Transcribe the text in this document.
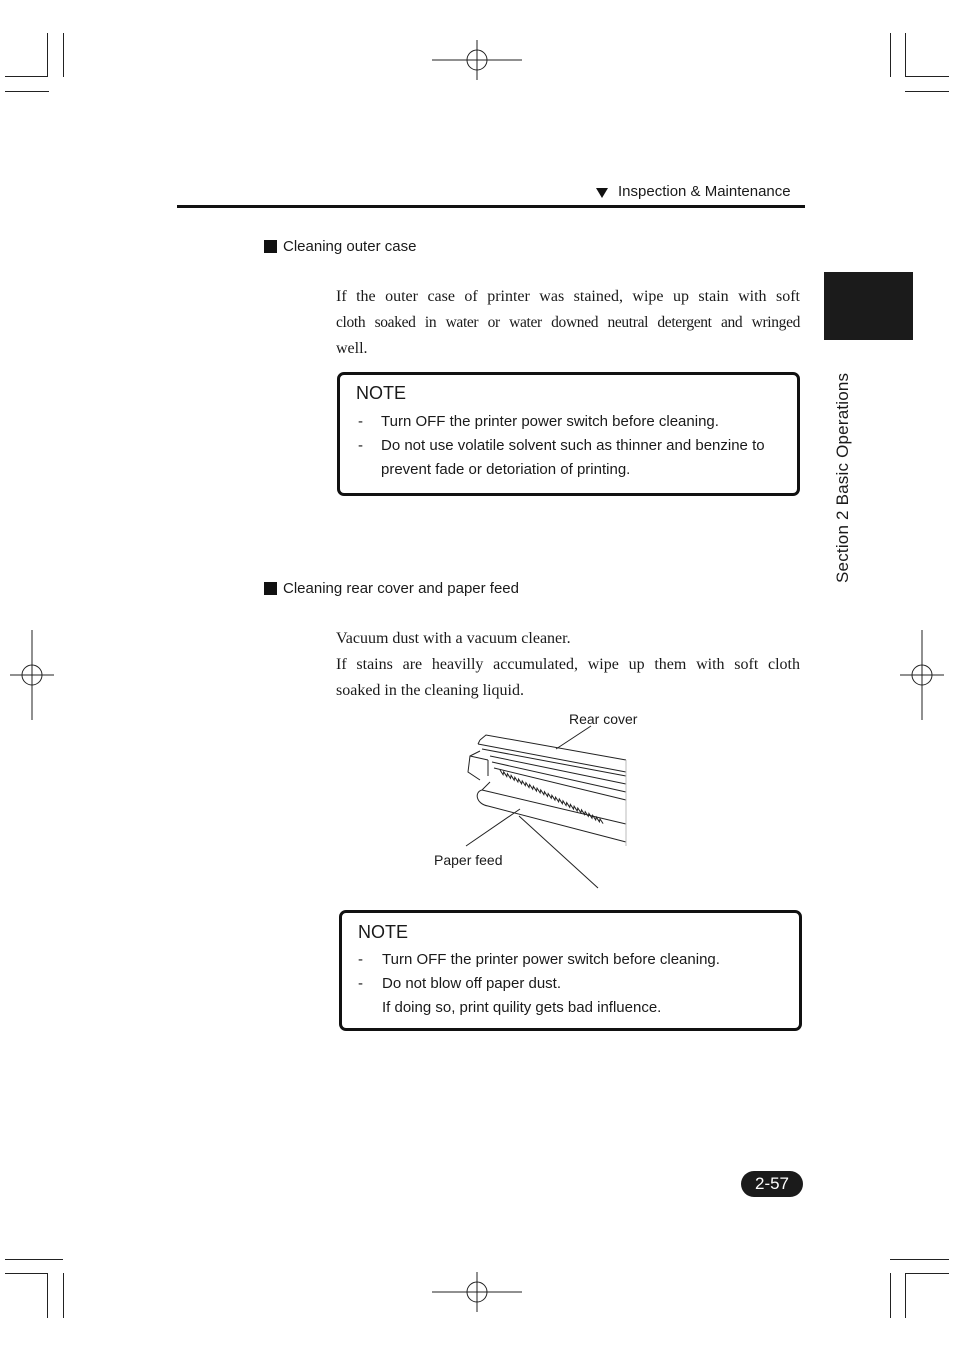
Inspection & Maintenance
Section 2 Basic Operations
Cleaning outer case
If the outer case of printer was stained, wipe up stain with soft
cloth soaked in water or water downed neutral detergent and wringed
well.
NOTE
- Turn OFF the printer power switch before cleaning.
- Do not use volatile solvent such as thinner and benzine to
prevent fade or detoriation of printing.
Cleaning rear cover and paper feed
Vacuum dust with a vacuum cleaner.
If stains are heavilly accumulated, wipe up them with soft cloth
soaked in the cleaning liquid.
Rear cover
Paper feed
NOTE
- Turn OFF the printer power switch before cleaning.
- Do not blow off paper dust.
If doing so, print quility gets bad influence.
2-57
